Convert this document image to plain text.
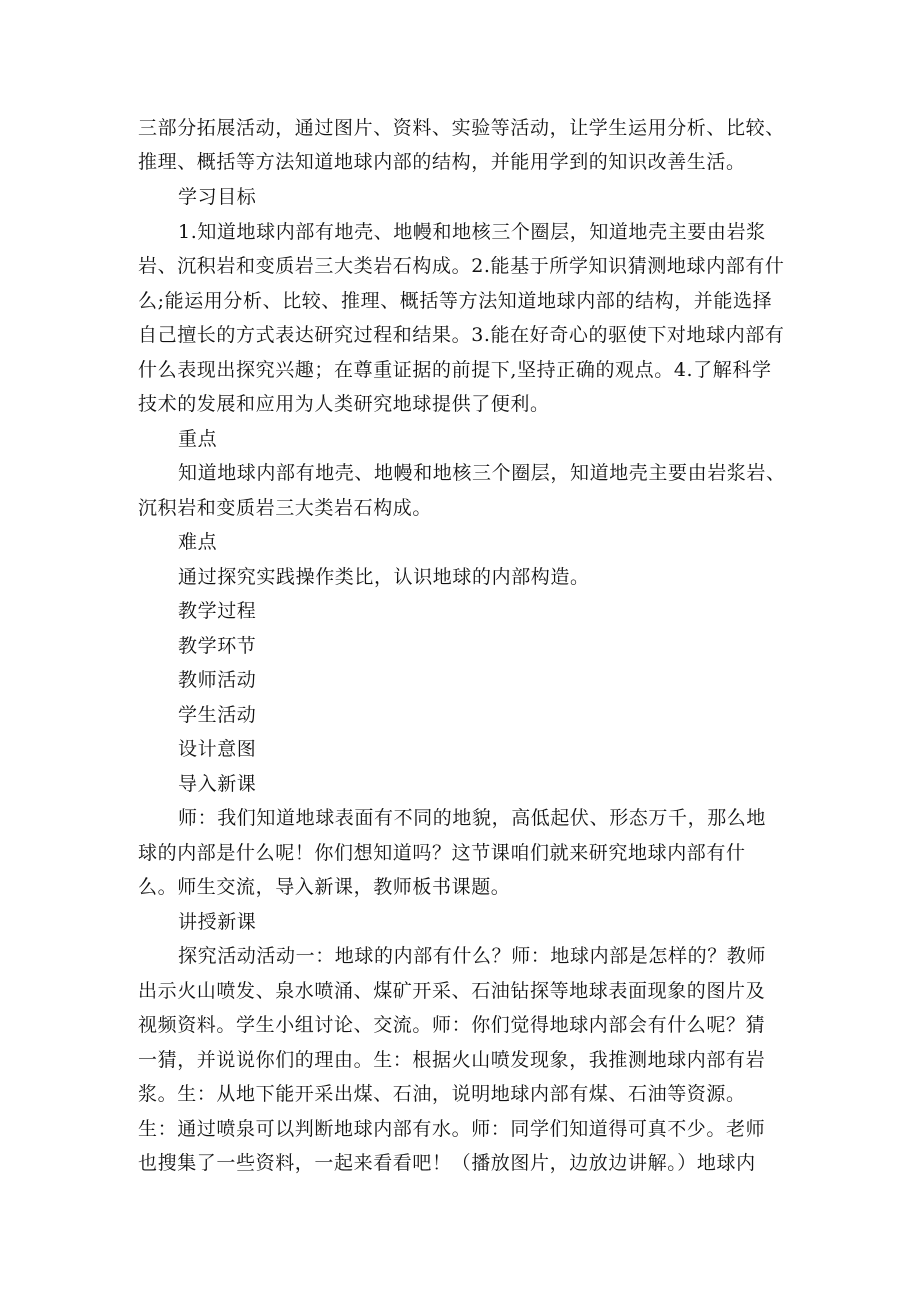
三部分拓展活动，通过图片、资料、实验等活动，让学生运用分析、比较、
推理、概括等方法知道地球内部的结构，并能用学到的知识改善生活。
学习目标
1.知道地球内部有地壳、地幔和地核三个圈层，知道地壳主要由岩浆
岩、沉积岩和变质岩三大类岩石构成。2.能基于所学知识猜测地球内部有什
么;能运用分析、比较、推理、概括等方法知道地球内部的结构，并能选择
自己擅长的方式表达研究过程和结果。3.能在好奇心的驱使下对地球内部有
什么表现出探究兴趣；在尊重证据的前提下,坚持正确的观点。4.了解科学
技术的发展和应用为人类研究地球提供了便利。
重点
知道地球内部有地壳、地幔和地核三个圈层，知道地壳主要由岩浆岩、
沉积岩和变质岩三大类岩石构成。
难点
通过探究实践操作类比，认识地球的内部构造。
教学过程
教学环节
教师活动
学生活动
设计意图
导入新课
师：我们知道地球表面有不同的地貌，高低起伏、形态万千，那么地
球的内部是什么呢！你们想知道吗？这节课咱们就来研究地球内部有什
么。师生交流，导入新课，教师板书课题。
讲授新课
探究活动活动一：地球的内部有什么？师：地球内部是怎样的？教师
出示火山喷发、泉水喷涌、煤矿开采、石油钻探等地球表面现象的图片及
视频资料。学生小组讨论、交流。师：你们觉得地球内部会有什么呢？猜
一猜，并说说你们的理由。生：根据火山喷发现象，我推测地球内部有岩
浆。生：从地下能开采出煤、石油，说明地球内部有煤、石油等资源。
生：通过喷泉可以判断地球内部有水。师：同学们知道得可真不少。老师
也搜集了一些资料，一起来看看吧！（播放图片，边放边讲解。）地球内
